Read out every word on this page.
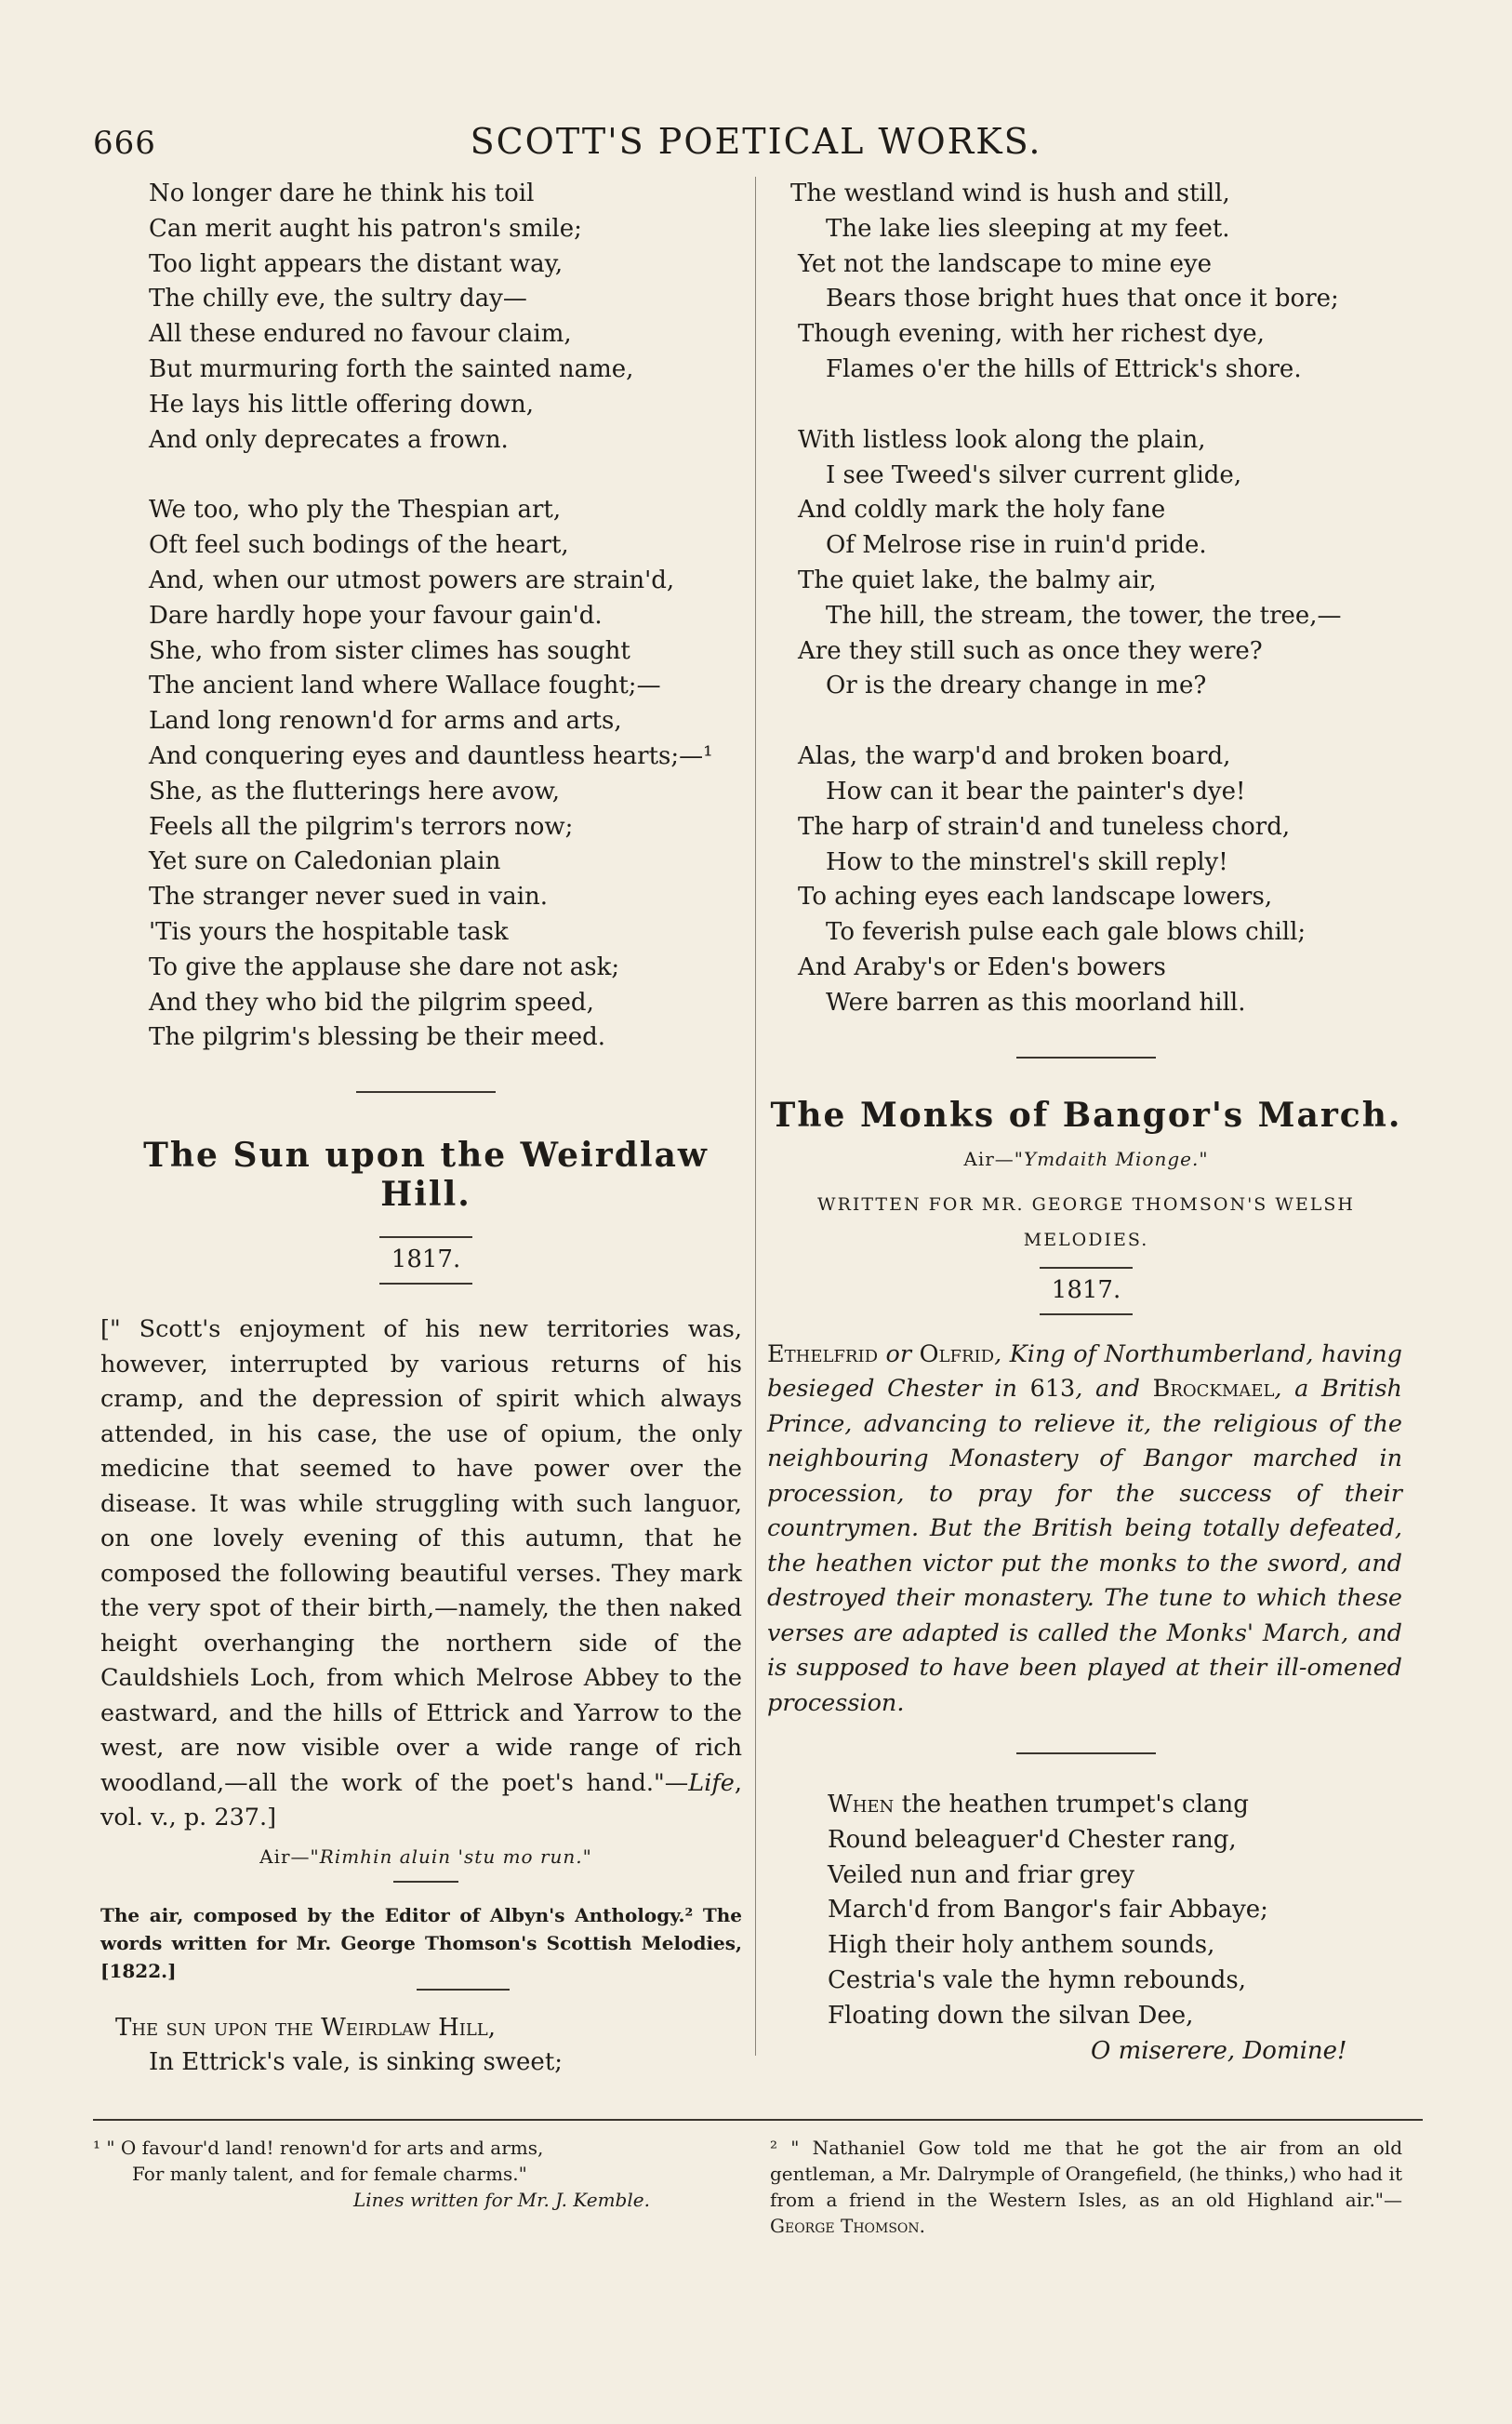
666	SCOTT'S POETICAL WORKS.
No longer dare he think his toil
Can merit aught his patron's smile;
Too light appears the distant way,
The chilly eve, the sultry day—
All these endured no favour claim,
But murmuring forth the sainted name,
He lays his little offering down,
And only deprecates a frown.
We too, who ply the Thespian art,
Oft feel such bodings of the heart,
And, when our utmost powers are strain'd,
Dare hardly hope your favour gain'd.
She, who from sister climes has sought
The ancient land where Wallace fought;—
Land long renown'd for arms and arts,
And conquering eyes and dauntless hearts;—¹
She, as the flutterings here avow,
Feels all the pilgrim's terrors now;
Yet sure on Caledonian plain
The stranger never sued in vain.
'Tis yours the hospitable task
To give the applause she dare not ask;
And they who bid the pilgrim speed,
The pilgrim's blessing be their meed.
The Sun upon the Weirdlaw Hill.
1817.
[" Scott's enjoyment of his new territories was, however, interrupted by various returns of his cramp, and the depression of spirit which always attended, in his case, the use of opium, the only medicine that seemed to have power over the disease. It was while struggling with such languor, on one lovely evening of this autumn, that he composed the following beautiful verses. They mark the very spot of their birth,—namely, the then naked height overhanging the northern side of the Cauldshiels Loch, from which Melrose Abbey to the eastward, and the hills of Ettrick and Yarrow to the west, are now visible over a wide range of rich woodland,—all the work of the poet's hand."—Life, vol. v., p. 237.]
Air—"Rimhin aluin 'stu mo run."
The air, composed by the Editor of Albyn's Anthology.² The words written for Mr. George Thomson's Scottish Melodies, [1822.]
The sun upon the Weirdlaw Hill,
In Ettrick's vale, is sinking sweet;
The westland wind is hush and still,
The lake lies sleeping at my feet.
Yet not the landscape to mine eye
Bears those bright hues that once it bore;
Though evening, with her richest dye,
Flames o'er the hills of Ettrick's shore.
With listless look along the plain,
I see Tweed's silver current glide,
And coldly mark the holy fane
Of Melrose rise in ruin'd pride.
The quiet lake, the balmy air,
The hill, the stream, the tower, the tree,—
Are they still such as once they were?
Or is the dreary change in me?
Alas, the warp'd and broken board,
How can it bear the painter's dye!
The harp of strain'd and tuneless chord,
How to the minstrel's skill reply!
To aching eyes each landscape lowers,
To feverish pulse each gale blows chill;
And Araby's or Eden's bowers
Were barren as this moorland hill.
The Monks of Bangor's March.
Air—"Ymdaith Mionge."
WRITTEN FOR MR. GEORGE THOMSON'S WELSH
MELODIES.
1817.
Ethelfrid or Olfrid, King of Northumberland, having besieged Chester in 613, and Brockmael, a British Prince, advancing to relieve it, the religious of the neighbouring Monastery of Bangor marched in procession, to pray for the success of their countrymen. But the British being totally defeated, the heathen victor put the monks to the sword, and destroyed their monastery. The tune to which these verses are adapted is called the Monks' March, and is supposed to have been played at their ill-omened procession.
When the heathen trumpet's clang
Round beleaguer'd Chester rang,
Veiled nun and friar grey
March'd from Bangor's fair Abbaye;
High their holy anthem sounds,
Cestria's vale the hymn rebounds,
Floating down the silvan Dee,
O miserere, Domine!
¹ " O favour'd land! renown'd for arts and arms,
For manly talent, and for female charms."
Lines written for Mr. J. Kemble.
² " Nathaniel Gow told me that he got the air from an old gentleman, a Mr. Dalrymple of Orangefield, (he thinks,) who had it from a friend in the Western Isles, as an old Highland air."—George Thomson.
